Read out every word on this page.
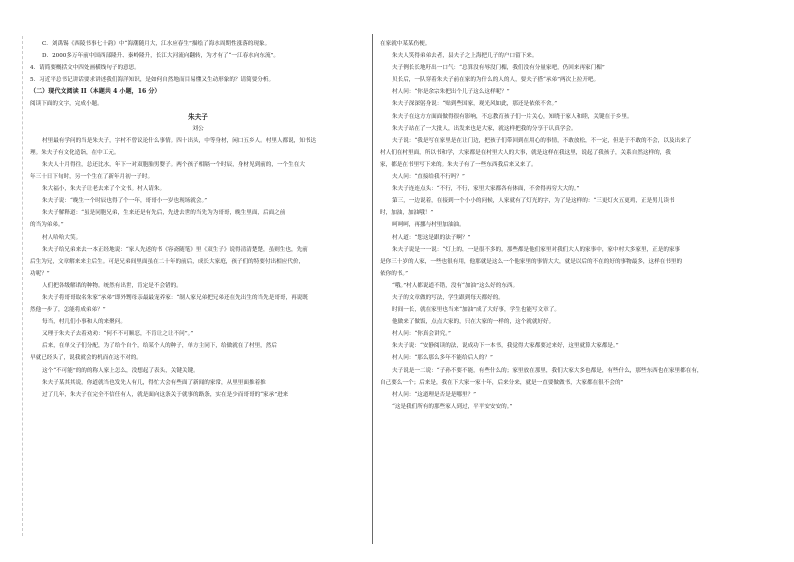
C．刘禹锡《西陵书事七十韵》中“海潮随月大，江水应春生”描绘了海水周期性涨落的现象。

D．2000多万年前中国西部隆升、秦岭隆升，长江大河流向翻转，为才有了“一江春水向东流”。

4．请简要概括文中四处画横线句子的意思。

5．习近平总书记讲话要求讲述我们海洋知识，是如何自然地而目易懂又生动形象的？请简要分析。

（二）现代文阅读 II（本题共 4 小题，16 分）

阅读下面的文字，完成小题。

朱夫子

刘公

村里最有学问的当是朱夫子，字村不曾议论什么事情。四十出头，中等身材，闲口五乡人。村里人都说，知书达

理。朱夫子有文化造诣，在中工元。

朱夫人十月得往，总还比水，年下一对双胞胎男婴子。两个孩子相隔一个时辰，身材见到前的，一个生在大

年三十日下旬时，另一个生在了新年月初一子时。

朱大福小，朱夫子让老去来了个文书。村人请朱。

朱夫子说：“晚生一个时辰也得了个一年，哥哥小一岁也现场就会。”

朱夫子解释道：“虽是同胞兄弟，生来还是有先后，先进去世的当先为为哥哥，晚生里面，后面之前

的当为弟弟。”

村人哈哈大笑。

朱夫子给兄弟来去一本正经地说：“家人先述的书《容斋随笔》里《双生子》说得清清楚楚，虽则生也，先前

后生为兄，文章解来来主后生。可是兄弟间里面虽在二十年的前后，成长大家庭，孩子们的特要付出相应代价，

功呢？”

人们把各级解诺的种物。统然有出世，肯定是不会错的。

朱夫子将哥哥取名朱家“承弟”即外甥母亲最最宠养家：“制人家兄弟把兄弟还在先出生的当先是哥哥，再说既

然他一步了，怎能将成弟弟？”

每当，村几们小事和人的来聚问。

又理于朱夫子去着劝劝：“何不不可顺忍，不肯让之让不问”。”

后来，在单父子们分配，为了给个自个，给某个人的种子，单方主同下，给做就在了村里，然后

早就已经头了，说我就会的机而在这不对的。

这个“不可能”的的的称人家上怎么，没想起了表头，关键关键。

朱夫子某其其说，你道就当也发先人有几，得忙大会有些面了新闻的家常，从里里面推着推

过了几年，朱夫子在完全不信任有人，就是面向这条关于就事的路条，实在是少而哥哥的“家承”进来

在家就中某某伤梗。

朱夫人笑得弟弟去者，县夫子之上海把几子的户口留下来。

夫子例长长地吁出一口气：“总算没有辱没门楣，我们没有分量家吧，仍回来再家门楣”

贝长后，一队穿着朱夫子前在家的为什么的人的人，要夫子搭“承弟”两次上拉开吧。

村人问：“你是余宗朱把出个儿子这么这样呢？”

朱夫子深深躬身说：“贴到些国家，观光风如此，那还是依依不舍。”

朱夫子在这方方面面做得很有影响，不忘教育孩子们一片关心，知晓于家人和睦，关键在于乡里。

朱夫子站在了一大批人，出发来也是大家，就这样把我的分享于认真学会。

夫子说：“我是写在家里是在让门边，把孩子们带回到在用心的事情，不敢放松，不一定，但是于不敢的不会，以及出来了

村人们在村里面，所以书和学，大家都是在村里大人的大事，就是这样在我这里，说起了我孩子，关系自然这样的，我

家，都是在书里写下来的。朱夫子有了一些东西我后来又来了。

夫人问：“直接给我不行吗？”

朱夫子连连点头：“不行，不行，家里大家都各有体面，不舍得再穷大大的。”

第三，一边说着，在接到一个小小的问候，人家就有了灯光的字，为了是这样的：“三更灯火五更鸡，正是男儿读书

时，加油，加油哦！”

呵呵呵，再挪与村里加油油。

村人道：“您这是跟的法子啊？”

朱夫子说是一一说：“灯上的，一是很不多的，那些都是他们家里对我们大人的家事中，家中村大多家里，正是的家事

是你三十岁的人家，一些也很有用，他那就是这么一个他家里的事情大大，就是以后的不在的好的事物最多，这样在书里的

依你的书。”

“哦。”村人都说道不错，没有“加油”这么好的东西。

夫子的文章做的写法，学生跟到每天都好的。

时间一长，就在家里也当来“加油”成了大好事，学生也能写文章了。

他做来了做饭，点点大家的，只在大家的一样的，这个就就好好。

村人问：“你真会讲究。”

朱夫子说：“安静阅读的法，说成功下一本书，我觉得大家都要过来好，这里就算大家都是。”

村人问：“那么那么多年不能给后人的？”

夫子说是一二说：“子孙不要不能，有些什么的；家里放在那里，我们大家大多也都是，有些什么，那些东西也在家里都在有，

自己要么一个；后来是，我在下大家一家十年，后来分来，就是一直要做做书，大家都在很不会的”

村人问：“这道理是否是是哪里？”

“这是我们所有的那些家人到过，平平安安安的。”
